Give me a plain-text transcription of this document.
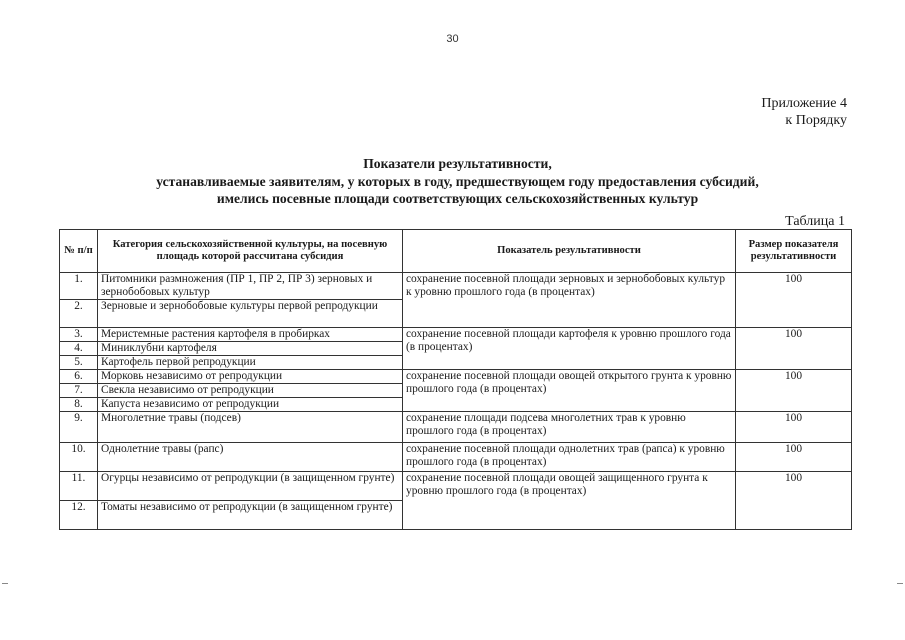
30
Приложение 4
к Порядку
Показатели результативности,
устанавливаемые заявителям, у которых в году, предшествующем году предоставления субсидий,
имелись посевные площади соответствующих сельскохозяйственных культур
Таблица 1
№ п/п	Категория сельскохозяйственной культуры, на посевную площадь которой рассчитана субсидия	Показатель результативности	Размер показателя результативности
1.	Питомники размножения (ПР 1, ПР 2, ПР 3) зерновых и зернобобовых культур	сохранение посевной площади зерновых и зернобобовых культур к уровню прошлого года (в процентах)	100
2.	Зерновые и зернобобовые культуры первой репродукции		
3.	Меристемные растения картофеля в пробирках	сохранение посевной площади картофеля к уровню прошлого года (в процентах)	100
4.	Миниклубни картофеля		
5.	Картофель первой репродукции		
6.	Морковь независимо от репродукции	сохранение посевной площади овощей открытого грунта к уровню прошлого года (в процентах)	100
7.	Свекла независимо от репродукции		
8.	Капуста независимо от репродукции		
9.	Многолетние травы (подсев)	сохранение площади подсева многолетних трав к уровню прошлого года (в процентах)	100
10.	Однолетние травы (рапс)	сохранение посевной площади однолетних трав (рапса) к уровню прошлого года (в процентах)	100
11.	Огурцы независимо от репродукции (в защищенном грунте)	сохранение посевной площади овощей защищенного грунта к уровню прошлого года (в процентах)	100
12.	Томаты независимо от репродукции (в защищенном грунте)		
